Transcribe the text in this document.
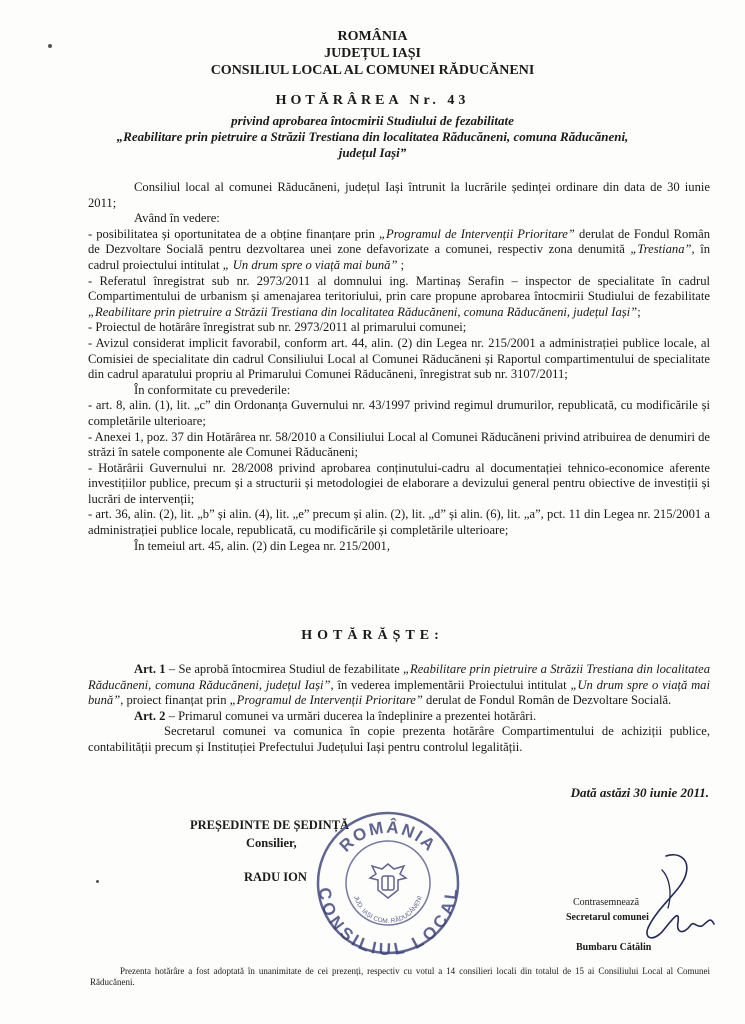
ROMÂNIA
JUDEȚUL IAȘI
CONSILIUL LOCAL AL COMUNEI RĂDUCĂNENI
HOTĂRÂREA Nr. 43
privind aprobarea întocmirii Studiului de fezabilitate
„Reabilitare prin pietruire a Străzii Trestiana din localitatea Răducăneni, comuna Răducăneni,
județul Iași”

Consiliul local al comunei Răducăneni, județul Iași întrunit la lucrările ședinței ordinare din data de 30 iunie 2011;

Având în vedere:

- posibilitatea și oportunitatea de a obține finanțare prin „Programul de Intervenții Prioritare” derulat de Fondul Român de Dezvoltare Socială pentru dezvoltarea unei zone defavorizate a comunei, respectiv zona denumită „Trestiana”, în cadrul proiectului intitulat „ Un drum spre o viață mai bună” ;

- Referatul înregistrat sub nr. 2973/2011 al domnului ing. Martinaș Serafin – inspector de specialitate în cadrul Compartimentului de urbanism și amenajarea teritoriului, prin care propune aprobarea întocmirii Studiului de fezabilitate „Reabilitare prin pietruire a Străzii Trestiana din localitatea Răducăneni, comuna Răducăneni, județul Iași”;

- Proiectul de hotărâre înregistrat sub nr. 2973/2011 al primarului comunei;

- Avizul considerat implicit favorabil, conform art. 44, alin. (2) din Legea nr. 215/2001 a administrației publice locale, al Comisiei de specialitate din cadrul Consiliului Local al Comunei Răducăneni și Raportul compartimentului de specialitate din cadrul aparatului propriu al Primarului Comunei Răducăneni, înregistrat sub nr. 3107/2011;

În conformitate cu prevederile:

- art. 8, alin. (1), lit. „c” din Ordonanța Guvernului nr. 43/1997 privind regimul drumurilor, republicată, cu modificările și completările ulterioare;

- Anexei 1, poz. 37 din Hotărârea nr. 58/2010 a Consiliului Local al Comunei Răducăneni privind atribuirea de denumiri de străzi în satele componente ale Comunei Răducăneni;

- Hotărârii Guvernului nr. 28/2008 privind aprobarea conținutului-cadru al documentației tehnico-economice aferente investițiilor publice, precum și a structurii și metodologiei de elaborare a devizului general pentru obiective de investiții și lucrări de intervenții;

- art. 36, alin. (2), lit. „b” și alin. (4), lit. „e” precum și alin. (2), lit. „d” și alin. (6), lit. „a”, pct. 11 din Legea nr. 215/2001 a administrației publice locale, republicată, cu modificările și completările ulterioare;

În temeiul art. 45, alin. (2) din Legea nr. 215/2001,

HOTĂRĂȘTE:

Art. 1 – Se aprobă întocmirea Studiul de fezabilitate „Reabilitare prin pietruire a Străzii Trestiana din localitatea Răducăneni, comuna Răducăneni, județul Iași”, în vederea implementării Proiectului intitulat „Un drum spre o viață mai bună”, proiect finanțat prin „Programul de Intervenții Prioritare” derulat de Fondul Român de Dezvoltare Socială.

Art. 2 – Primarul comunei va urmări ducerea la îndeplinire a prezentei hotărâri.

Secretarul comunei va comunica în copie prezenta hotărâre Compartimentului de achiziții publice, contabilității precum și Instituției Prefectului Județului Iași pentru controlul legalității.

Dată astăzi 30 iunie 2011.
PREȘEDINTE DE ȘEDINȚĂ
Consilier,
RADU ION
ROMÂNIA
CONSILIUL LOCAL
JUD. IAȘI COM. RĂDUCĂNENI	Contrasemnează
Secretarul comunei
Bumbaru Cătălin
Prezenta hotărâre a fost adoptată în unanimitate de cei prezenți, respectiv cu votul a 14 consilieri locali din totalul de 15 ai Consiliului Local al Comunei Răducăneni.
